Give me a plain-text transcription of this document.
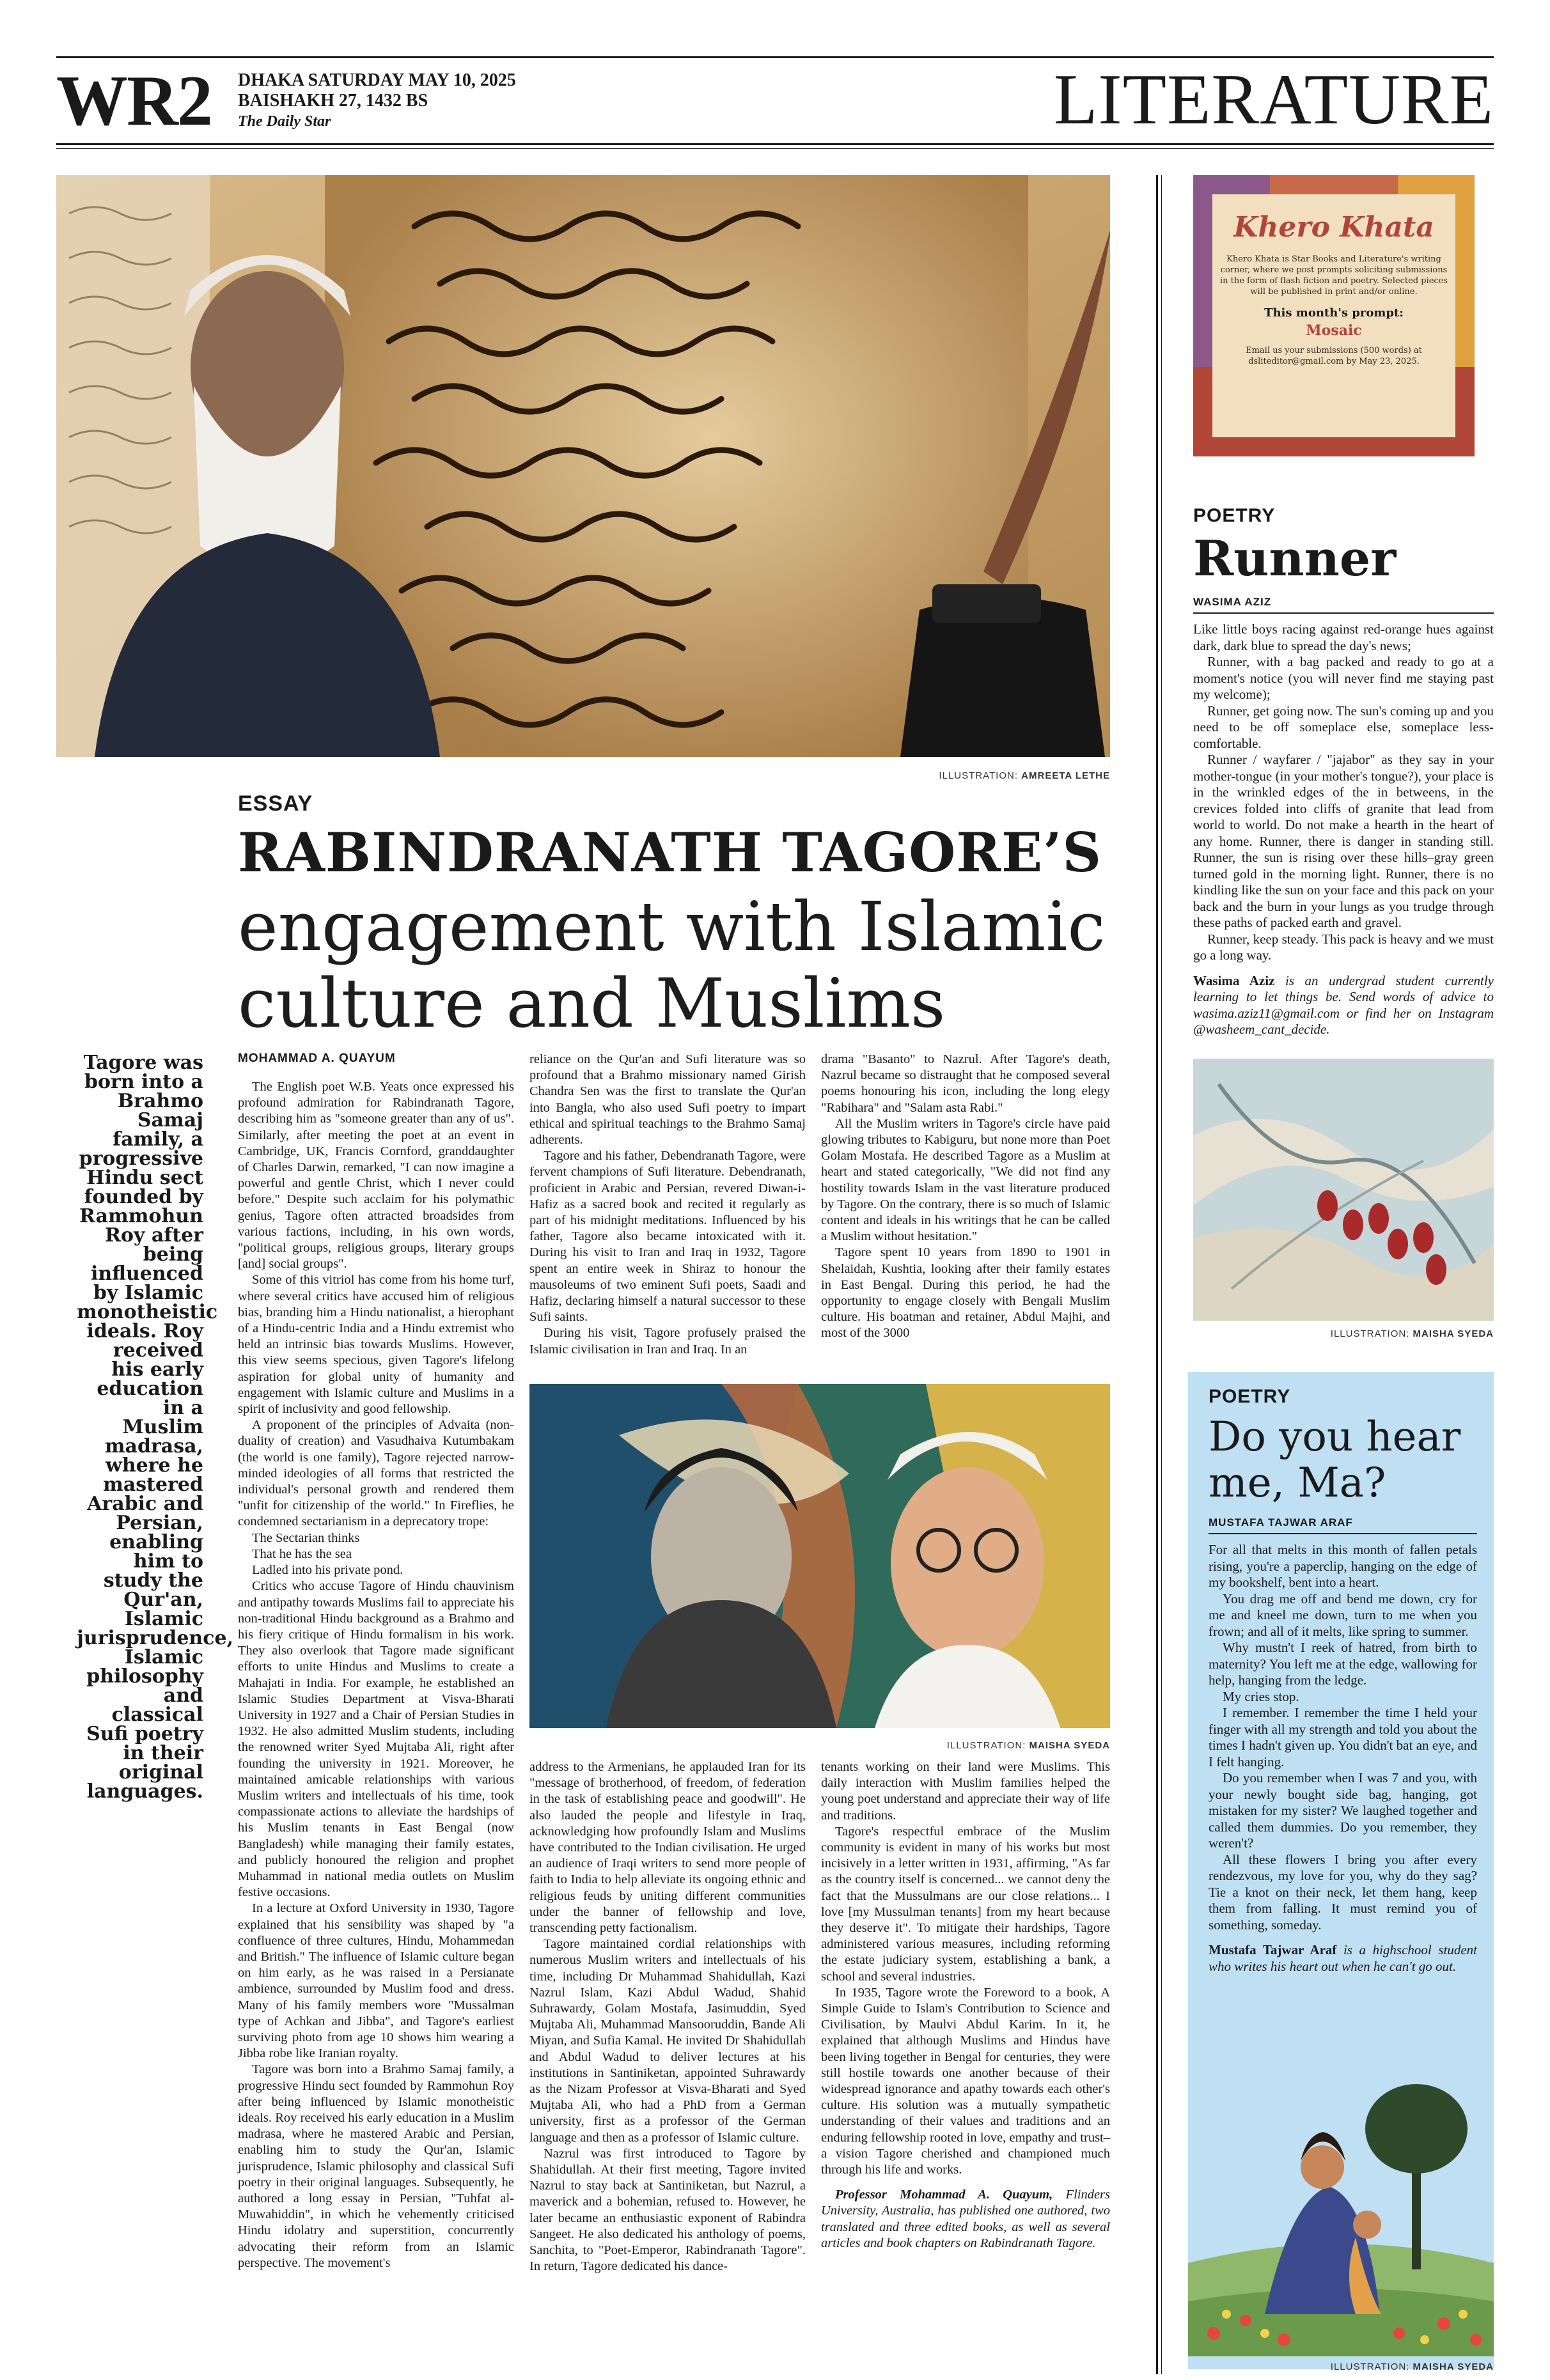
WR2 DHAKA SATURDAY MAY 10, 2025
BAISHAKH 27, 1432 BS
The Daily Star	LITERATURE
ILLUSTRATION: AMREETA LETHE
ESSAY
RABINDRANATH TAGORE’S
engagement with Islamic
culture and Muslims
Tagore was born into a Brahmo Samaj family, a progressive Hindu sect founded by Rammohun Roy after being influenced by Islamic monotheistic ideals. Roy received his early education in a Muslim madrasa, where he mastered Arabic and Persian, enabling him to study the Qur'an, Islamic jurisprudence, Islamic philosophy and classical Sufi poetry in their original languages.
MOHAMMAD A. QUAYUM

The English poet W.B. Yeats once expressed his profound admiration for Rabindranath Tagore, describing him as "someone greater than any of us". Similarly, after meeting the poet at an event in Cambridge, UK, Francis Cornford, granddaughter of Charles Darwin, remarked, "I can now imagine a powerful and gentle Christ, which I never could before." Despite such acclaim for his polymathic genius, Tagore often attracted broadsides from various factions, including, in his own words, "political groups, religious groups, literary groups [and] social groups".

Some of this vitriol has come from his home turf, where several critics have accused him of religious bias, branding him a Hindu nationalist, a hierophant of a Hindu-centric India and a Hindu extremist who held an intrinsic bias towards Muslims. However, this view seems specious, given Tagore's lifelong aspiration for global unity of humanity and engagement with Islamic culture and Muslims in a spirit of inclusivity and good fellowship.

A proponent of the principles of Advaita (non-duality of creation) and Vasudhaiva Kutumbakam (the world is one family), Tagore rejected narrow-minded ideologies of all forms that restricted the individual's personal growth and rendered them "unfit for citizenship of the world." In Fireflies, he condemned sectarianism in a deprecatory trope:

The Sectarian thinks

That he has the sea

Ladled into his private pond.

Critics who accuse Tagore of Hindu chauvinism and antipathy towards Muslims fail to appreciate his non-traditional Hindu background as a Brahmo and his fiery critique of Hindu formalism in his work. They also overlook that Tagore made significant efforts to unite Hindus and Muslims to create a Mahajati in India. For example, he established an Islamic Studies Department at Visva-Bharati University in 1927 and a Chair of Persian Studies in 1932. He also admitted Muslim students, including the renowned writer Syed Mujtaba Ali, right after founding the university in 1921. Moreover, he maintained amicable relationships with various Muslim writers and intellectuals of his time, took compassionate actions to alleviate the hardships of his Muslim tenants in East Bengal (now Bangladesh) while managing their family estates, and publicly honoured the religion and prophet Muhammad in national media outlets on Muslim festive occasions.

In a lecture at Oxford University in 1930, Tagore explained that his sensibility was shaped by "a confluence of three cultures, Hindu, Mohammedan and British." The influence of Islamic culture began on him early, as he was raised in a Persianate ambience, surrounded by Muslim food and dress. Many of his family members wore "Mussalman type of Achkan and Jibba", and Tagore's earliest surviving photo from age 10 shows him wearing a Jibba robe like Iranian royalty.

Tagore was born into a Brahmo Samaj family, a progressive Hindu sect founded by Rammohun Roy after being influenced by Islamic monotheistic ideals. Roy received his early education in a Muslim madrasa, where he mastered Arabic and Persian, enabling him to study the Qur'an, Islamic jurisprudence, Islamic philosophy and classical Sufi poetry in their original languages. Subsequently, he authored a long essay in Persian, "Tuhfat al-Muwahiddin", in which he vehemently criticised Hindu idolatry and superstition, concurrently advocating their reform from an Islamic perspective. The movement's

reliance on the Qur'an and Sufi literature was so profound that a Brahmo missionary named Girish Chandra Sen was the first to translate the Qur'an into Bangla, who also used Sufi poetry to impart ethical and spiritual teachings to the Brahmo Samaj adherents.

Tagore and his father, Debendranath Tagore, were fervent champions of Sufi literature. Debendranath, proficient in Arabic and Persian, revered Diwan-i-Hafiz as a sacred book and recited it regularly as part of his midnight meditations. Influenced by his father, Tagore also became intoxicated with it. During his visit to Iran and Iraq in 1932, Tagore spent an entire week in Shiraz to honour the mausoleums of two eminent Sufi poets, Saadi and Hafiz, declaring himself a natural successor to these Sufi saints.

During his visit, Tagore profusely praised the Islamic civilisation in Iran and Iraq. In an

drama "Basanto" to Nazrul. After Tagore's death, Nazrul became so distraught that he composed several poems honouring his icon, including the long elegy "Rabihara" and "Salam asta Rabi."

All the Muslim writers in Tagore's circle have paid glowing tributes to Kabiguru, but none more than Poet Golam Mostafa. He described Tagore as a Muslim at heart and stated categorically, "We did not find any hostility towards Islam in the vast literature produced by Tagore. On the contrary, there is so much of Islamic content and ideals in his writings that he can be called a Muslim without hesitation."

Tagore spent 10 years from 1890 to 1901 in Shelaidah, Kushtia, looking after their family estates in East Bengal. During this period, he had the opportunity to engage closely with Bengali Muslim culture. His boatman and retainer, Abdul Majhi, and most of the 3000

ILLUSTRATION: MAISHA SYEDA

address to the Armenians, he applauded Iran for its "message of brotherhood, of freedom, of federation in the task of establishing peace and goodwill". He also lauded the people and lifestyle in Iraq, acknowledging how profoundly Islam and Muslims have contributed to the Indian civilisation. He urged an audience of Iraqi writers to send more people of faith to India to help alleviate its ongoing ethnic and religious feuds by uniting different communities under the banner of fellowship and love, transcending petty factionalism.

Tagore maintained cordial relationships with numerous Muslim writers and intellectuals of his time, including Dr Muhammad Shahidullah, Kazi Nazrul Islam, Kazi Abdul Wadud, Shahid Suhrawardy, Golam Mostafa, Jasimuddin, Syed Mujtaba Ali, Muhammad Mansooruddin, Bande Ali Miyan, and Sufia Kamal. He invited Dr Shahidullah and Abdul Wadud to deliver lectures at his institutions in Santiniketan, appointed Suhrawardy as the Nizam Professor at Visva-Bharati and Syed Mujtaba Ali, who had a PhD from a German university, first as a professor of the German language and then as a professor of Islamic culture.

Nazrul was first introduced to Tagore by Shahidullah. At their first meeting, Tagore invited Nazrul to stay back at Santiniketan, but Nazrul, a maverick and a bohemian, refused to. However, he later became an enthusiastic exponent of Rabindra Sangeet. He also dedicated his anthology of poems, Sanchita, to "Poet-Emperor, Rabindranath Tagore". In return, Tagore dedicated his dance-

tenants working on their land were Muslims. This daily interaction with Muslim families helped the young poet understand and appreciate their way of life and traditions.

Tagore's respectful embrace of the Muslim community is evident in many of his works but most incisively in a letter written in 1931, affirming, "As far as the country itself is concerned... we cannot deny the fact that the Mussulmans are our close relations... I love [my Mussulman tenants] from my heart because they deserve it". To mitigate their hardships, Tagore administered various measures, including reforming the estate judiciary system, establishing a bank, a school and several industries.

In 1935, Tagore wrote the Foreword to a book, A Simple Guide to Islam's Contribution to Science and Civilisation, by Maulvi Abdul Karim. In it, he explained that although Muslims and Hindus have been living together in Bengal for centuries, they were still hostile towards one another because of their widespread ignorance and apathy towards each other's culture. His solution was a mutually sympathetic understanding of their values and traditions and an enduring fellowship rooted in love, empathy and trust–a vision Tagore cherished and championed much through his life and works.

Professor Mohammad A. Quayum, Flinders University, Australia, has published one authored, two translated and three edited books, as well as several articles and book chapters on Rabindranath Tagore.

Khero Khata
Khero Khata is Star Books and Literature's writing corner, where we post prompts soliciting submissions in the form of flash fiction and poetry. Selected pieces will be published in print and/or online.
This month's prompt:
Mosaic
Email us your submissions (500 words) at dsliteditor@gmail.com by May 23, 2025.
POETRY
Runner
WASIMA AZIZ

Like little boys racing against red-orange hues against dark, dark blue to spread the day's news;

Runner, with a bag packed and ready to go at a moment's notice (you will never find me staying past my welcome);

Runner, get going now. The sun's coming up and you need to be off someplace else, someplace less- comfortable.

Runner / wayfarer / "jajabor" as they say in your mother-tongue (in your mother's tongue?), your place is in the wrinkled edges of the in betweens, in the crevices folded into cliffs of granite that lead from world to world. Do not make a hearth in the heart of any home. Runner, there is danger in standing still. Runner, the sun is rising over these hills–gray green turned gold in the morning light. Runner, there is no kindling like the sun on your face and this pack on your back and the burn in your lungs as you trudge through these paths of packed earth and gravel.

Runner, keep steady. This pack is heavy and we must go a long way.

Wasima Aziz is an undergrad student currently learning to let things be. Send words of advice to wasima.aziz11@gmail.com or find her on Instagram @washeem_cant_decide.

ILLUSTRATION: MAISHA SYEDA
POETRY
Do you hear
me, Ma?
MUSTAFA TAJWAR ARAF

For all that melts in this month of fallen petals rising, you're a paperclip, hanging on the edge of my bookshelf, bent into a heart.

You drag me off and bend me down, cry for me and kneel me down, turn to me when you frown; and all of it melts, like spring to summer.

Why mustn't I reek of hatred, from birth to maternity? You left me at the edge, wallowing for help, hanging from the ledge.

My cries stop.

I remember. I remember the time I held your finger with all my strength and told you about the times I hadn't given up. You didn't bat an eye, and I felt hanging.

Do you remember when I was 7 and you, with your newly bought side bag, hanging, got mistaken for my sister? We laughed together and called them dummies. Do you remember, they weren't?

All these flowers I bring you after every rendezvous, my love for you, why do they sag? Tie a knot on their neck, let them hang, keep them from falling. It must remind you of something, someday.

Mustafa Tajwar Araf is a highschool student who writes his heart out when he can't go out.

ILLUSTRATION: MAISHA SYEDA
